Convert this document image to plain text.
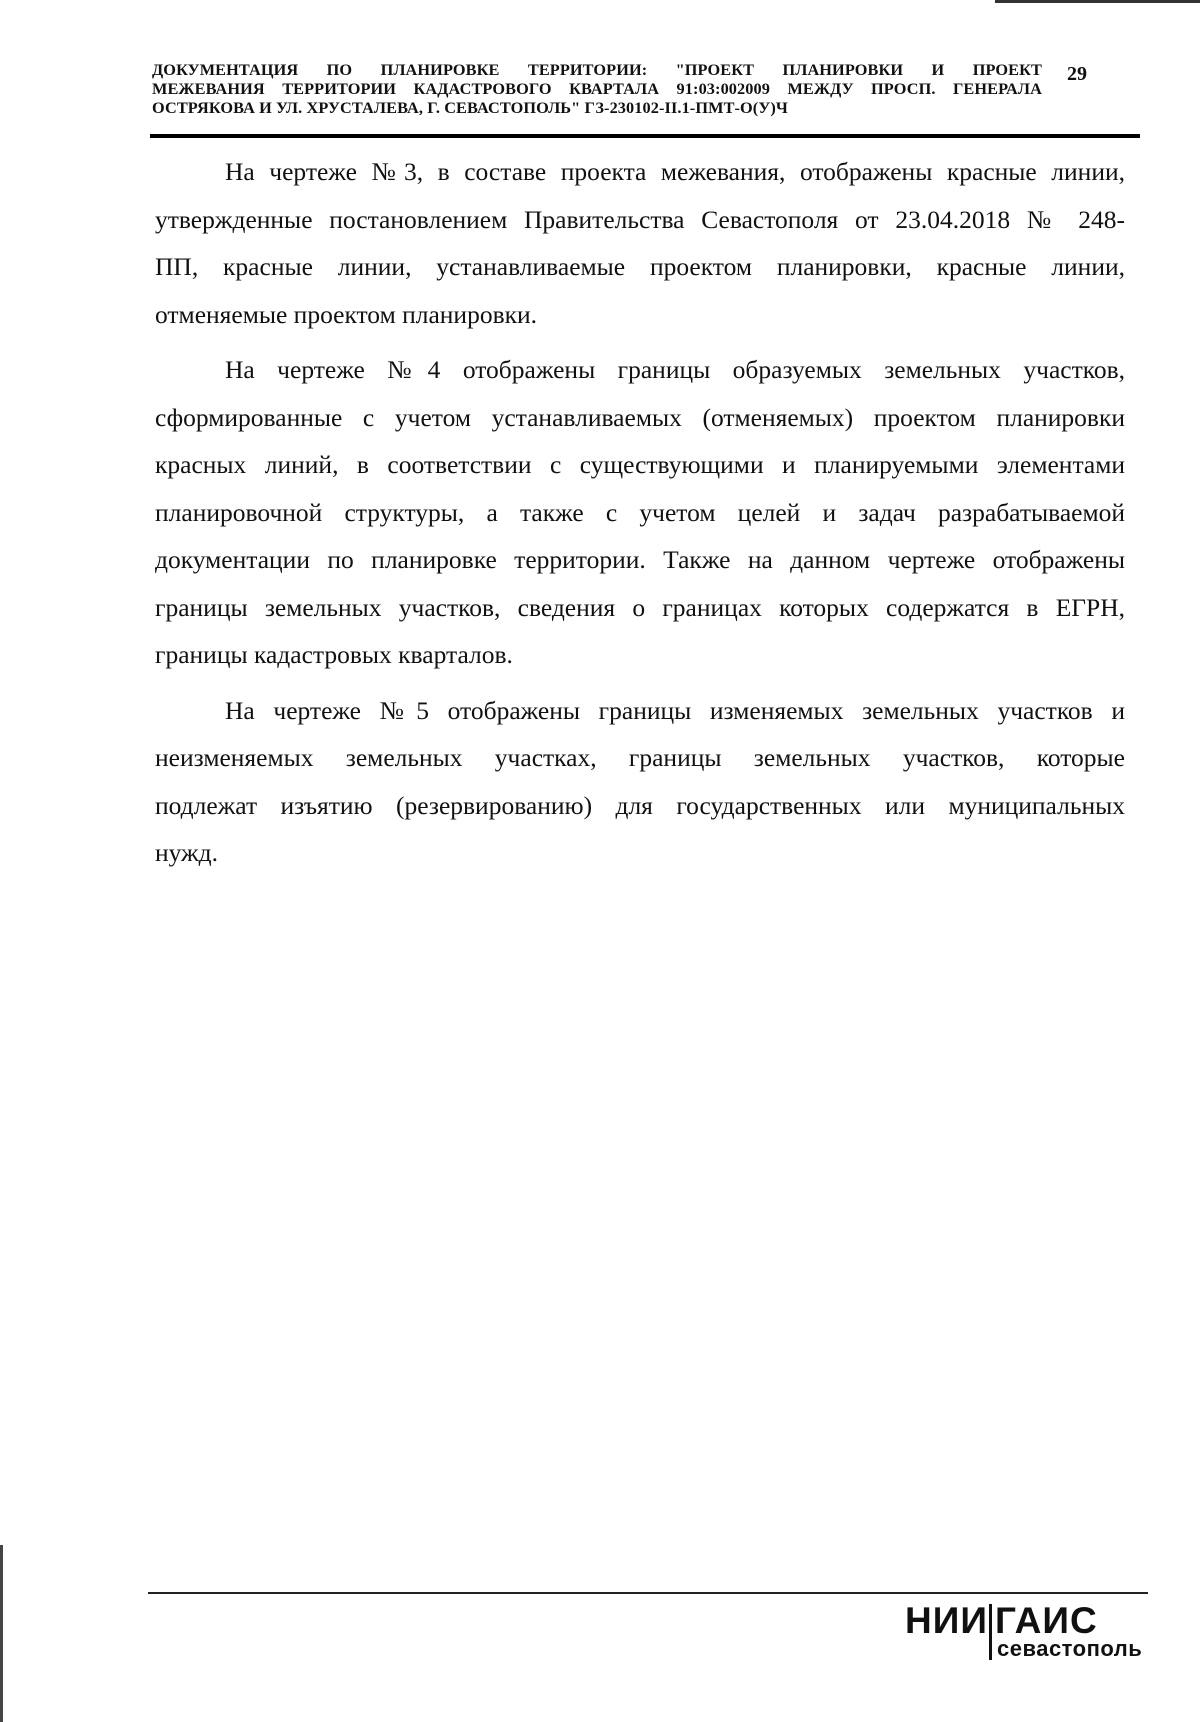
ДОКУМЕНТАЦИЯ ПО ПЛАНИРОВКЕ ТЕРРИТОРИИ: "ПРОЕКТ ПЛАНИРОВКИ И ПРОЕКТ
МЕЖЕВАНИЯ ТЕРРИТОРИИ КАДАСТРОВОГО КВАРТАЛА 91:03:002009 МЕЖДУ ПРОСП. ГЕНЕРАЛА
ОСТРЯКОВА И УЛ. ХРУСТАЛЕВА, Г. СЕВАСТОПОЛЬ" ГЗ-230102-II.1-ПМТ-О(У)Ч

29
На чертеже №3, в составе проекта межевания, отображены красные линии,
утвержденные постановлением Правительства Севастополя от 23.04.2018 № 248-
ПП, красные линии, устанавливаемые проектом планировки, красные линии,
отменяемые проектом планировки.
На чертеже №4 отображены границы образуемых земельных участков,
сформированные с учетом устанавливаемых (отменяемых) проектом планировки
красных линий, в соответствии с существующими и планируемыми элементами
планировочной структуры, а также с учетом целей и задач разрабатываемой
документации по планировке территории. Также на данном чертеже отображены
границы земельных участков, сведения о границах которых содержатся в ЕГРН,
границы кадастровых кварталов.
На чертеже №5 отображены границы изменяемых земельных участков и
неизменяемых земельных участках, границы земельных участков, которые
подлежат изъятию (резервированию) для государственных или муниципальных
нужд.
НИИ ГАИС
севастополь
